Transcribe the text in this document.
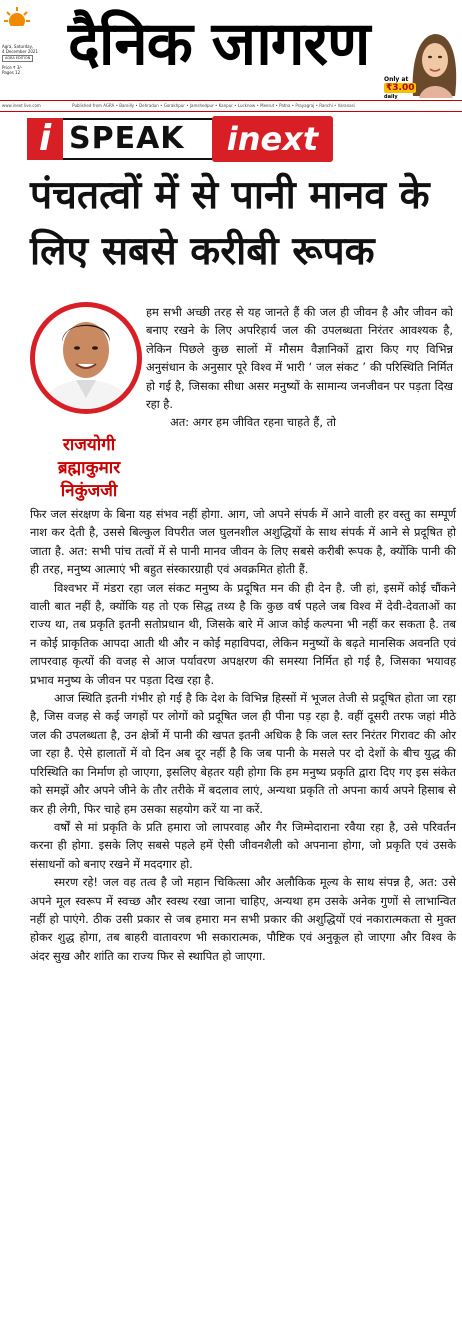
Agra, Saturday,
4 December 2021
AGRA EDITION
Price ₹ 3/-
Pages 12 दैनिक जागरण
Only at
₹3.00
daily
www.inext live.com	Published from AGRA • Bareilly • Dehradun • Gorakhpur • Jamshedpur • Kanpur • Lucknow • Meerut • Patna • Prayagraj • Ranchi • Varanasi
i SPEAK	inext
पंचतत्वों में से पानी मानव के लिए सबसे करीबी रूपक
राजयोगी
ब्रह्माकुमार
निकुंजजी

हम सभी अच्छी तरह से यह जानते हैं की जल ही जीवन है और जीवन को बनाए रखने के लिए अपरिहार्य जल की उपलब्धता निरंतर आवश्यक है, लेकिन पिछले कुछ सालों में मौसम वैज्ञानिकों द्वारा किए गए विभिन्न अनुसंधान के अनुसार पूरे विश्व में भारी ‘ जल संकट ’ की परिस्थिति निर्मित हो गई है, जिसका सीधा असर मनुष्यों के सामान्य जनजीवन पर पड़ता दिख रहा है.

अत: अगर हम जीवित रहना चाहते हैं, तो

फिर जल संरक्षण के बिना यह संभव नहीं होगा. आग, जो अपने संपर्क में आने वाली हर वस्तु का सम्पूर्ण नाश कर देती है, उससे बिल्कुल विपरीत जल घुलनशील अशुद्धियों के साथ संपर्क में आने से प्रदूषित हो जाता है. अत: सभी पांच तत्वों में से पानी मानव जीवन के लिए सबसे करीबी रूपक है, क्योंकि पानी की ही तरह, मनुष्य आत्माएं भी बहुत संस्कारग्राही एवं अवक्रमित होती हैं.

विश्वभर में मंडरा रहा जल संकट मनुष्य के प्रदूषित मन की ही देन है. जी हां, इसमें कोई चौंकने वाली बात नहीं है, क्योंकि यह तो एक सिद्ध तथ्य है कि कुछ वर्ष पहले जब विश्व में देवी-देवताओं का राज्य था, तब प्रकृति इतनी सतोप्रधान थी, जिसके बारे में आज कोई कल्पना भी नहीं कर सकता है. तब न कोई प्राकृतिक आपदा आती थी और न कोई महाविपदा, लेकिन मनुष्यों के बढ़ते मानसिक अवनति एवं लापरवाह कृत्यों की वजह से आज पर्यावरण अपक्षरण की समस्या निर्मित हो गई है, जिसका भयावह प्रभाव मनुष्य के जीवन पर पड़ता दिख रहा है.

आज स्थिति इतनी गंभीर हो गई है कि देश के विभिन्न हिस्सों में भूजल तेजी से प्रदूषित होता जा रहा है, जिस वजह से कई जगहों पर लोगों को प्रदूषित जल ही पीना पड़ रहा है. वहीं दूसरी तरफ जहां मीठे जल की उपलब्धता है, उन क्षेत्रों में पानी की खपत इतनी अधिक है कि जल स्तर निरंतर गिरावट की ओर जा रहा है. ऐसे हालातों में वो दिन अब दूर नहीं है कि जब पानी के मसले पर दो देशों के बीच युद्ध की परिस्थिति का निर्माण हो जाएगा, इसलिए बेहतर यही होगा कि हम मनुष्य प्रकृति द्वारा दिए गए इस संकेत को समझें और अपने जीने के तौर तरीके में बदलाव लाएं, अन्यथा प्रकृति तो अपना कार्य अपने हिसाब से कर ही लेगी, फिर चाहे हम उसका सहयोग करें या ना करें.

वर्षों से मां प्रकृति के प्रति हमारा जो लापरवाह और गैर जिम्मेदाराना रवैया रहा है, उसे परिवर्तन करना ही होगा. इसके लिए सबसे पहले हमें ऐसी जीवनशैली को अपनाना होगा, जो प्रकृति एवं उसके संसाधनों को बनाए रखने में मददगार हो.

स्मरण रहे! जल वह तत्व है जो महान चिकित्सा और अलौकिक मूल्य के साथ संपन्न है, अत: उसे अपने मूल स्वरूप में स्वच्छ और स्वस्थ रखा जाना चाहिए, अन्यथा हम उसके अनेक गुणों से लाभान्वित नहीं हो पाएंगे. ठीक उसी प्रकार से जब हमारा मन सभी प्रकार की अशुद्धियों एवं नकारात्मकता से मुक्त होकर शुद्ध होगा, तब बाहरी वातावरण भी सकारात्मक, पौष्टिक एवं अनुकूल हो जाएगा और विश्व के अंदर सुख और शांति का राज्य फिर से स्थापित हो जाएगा.
